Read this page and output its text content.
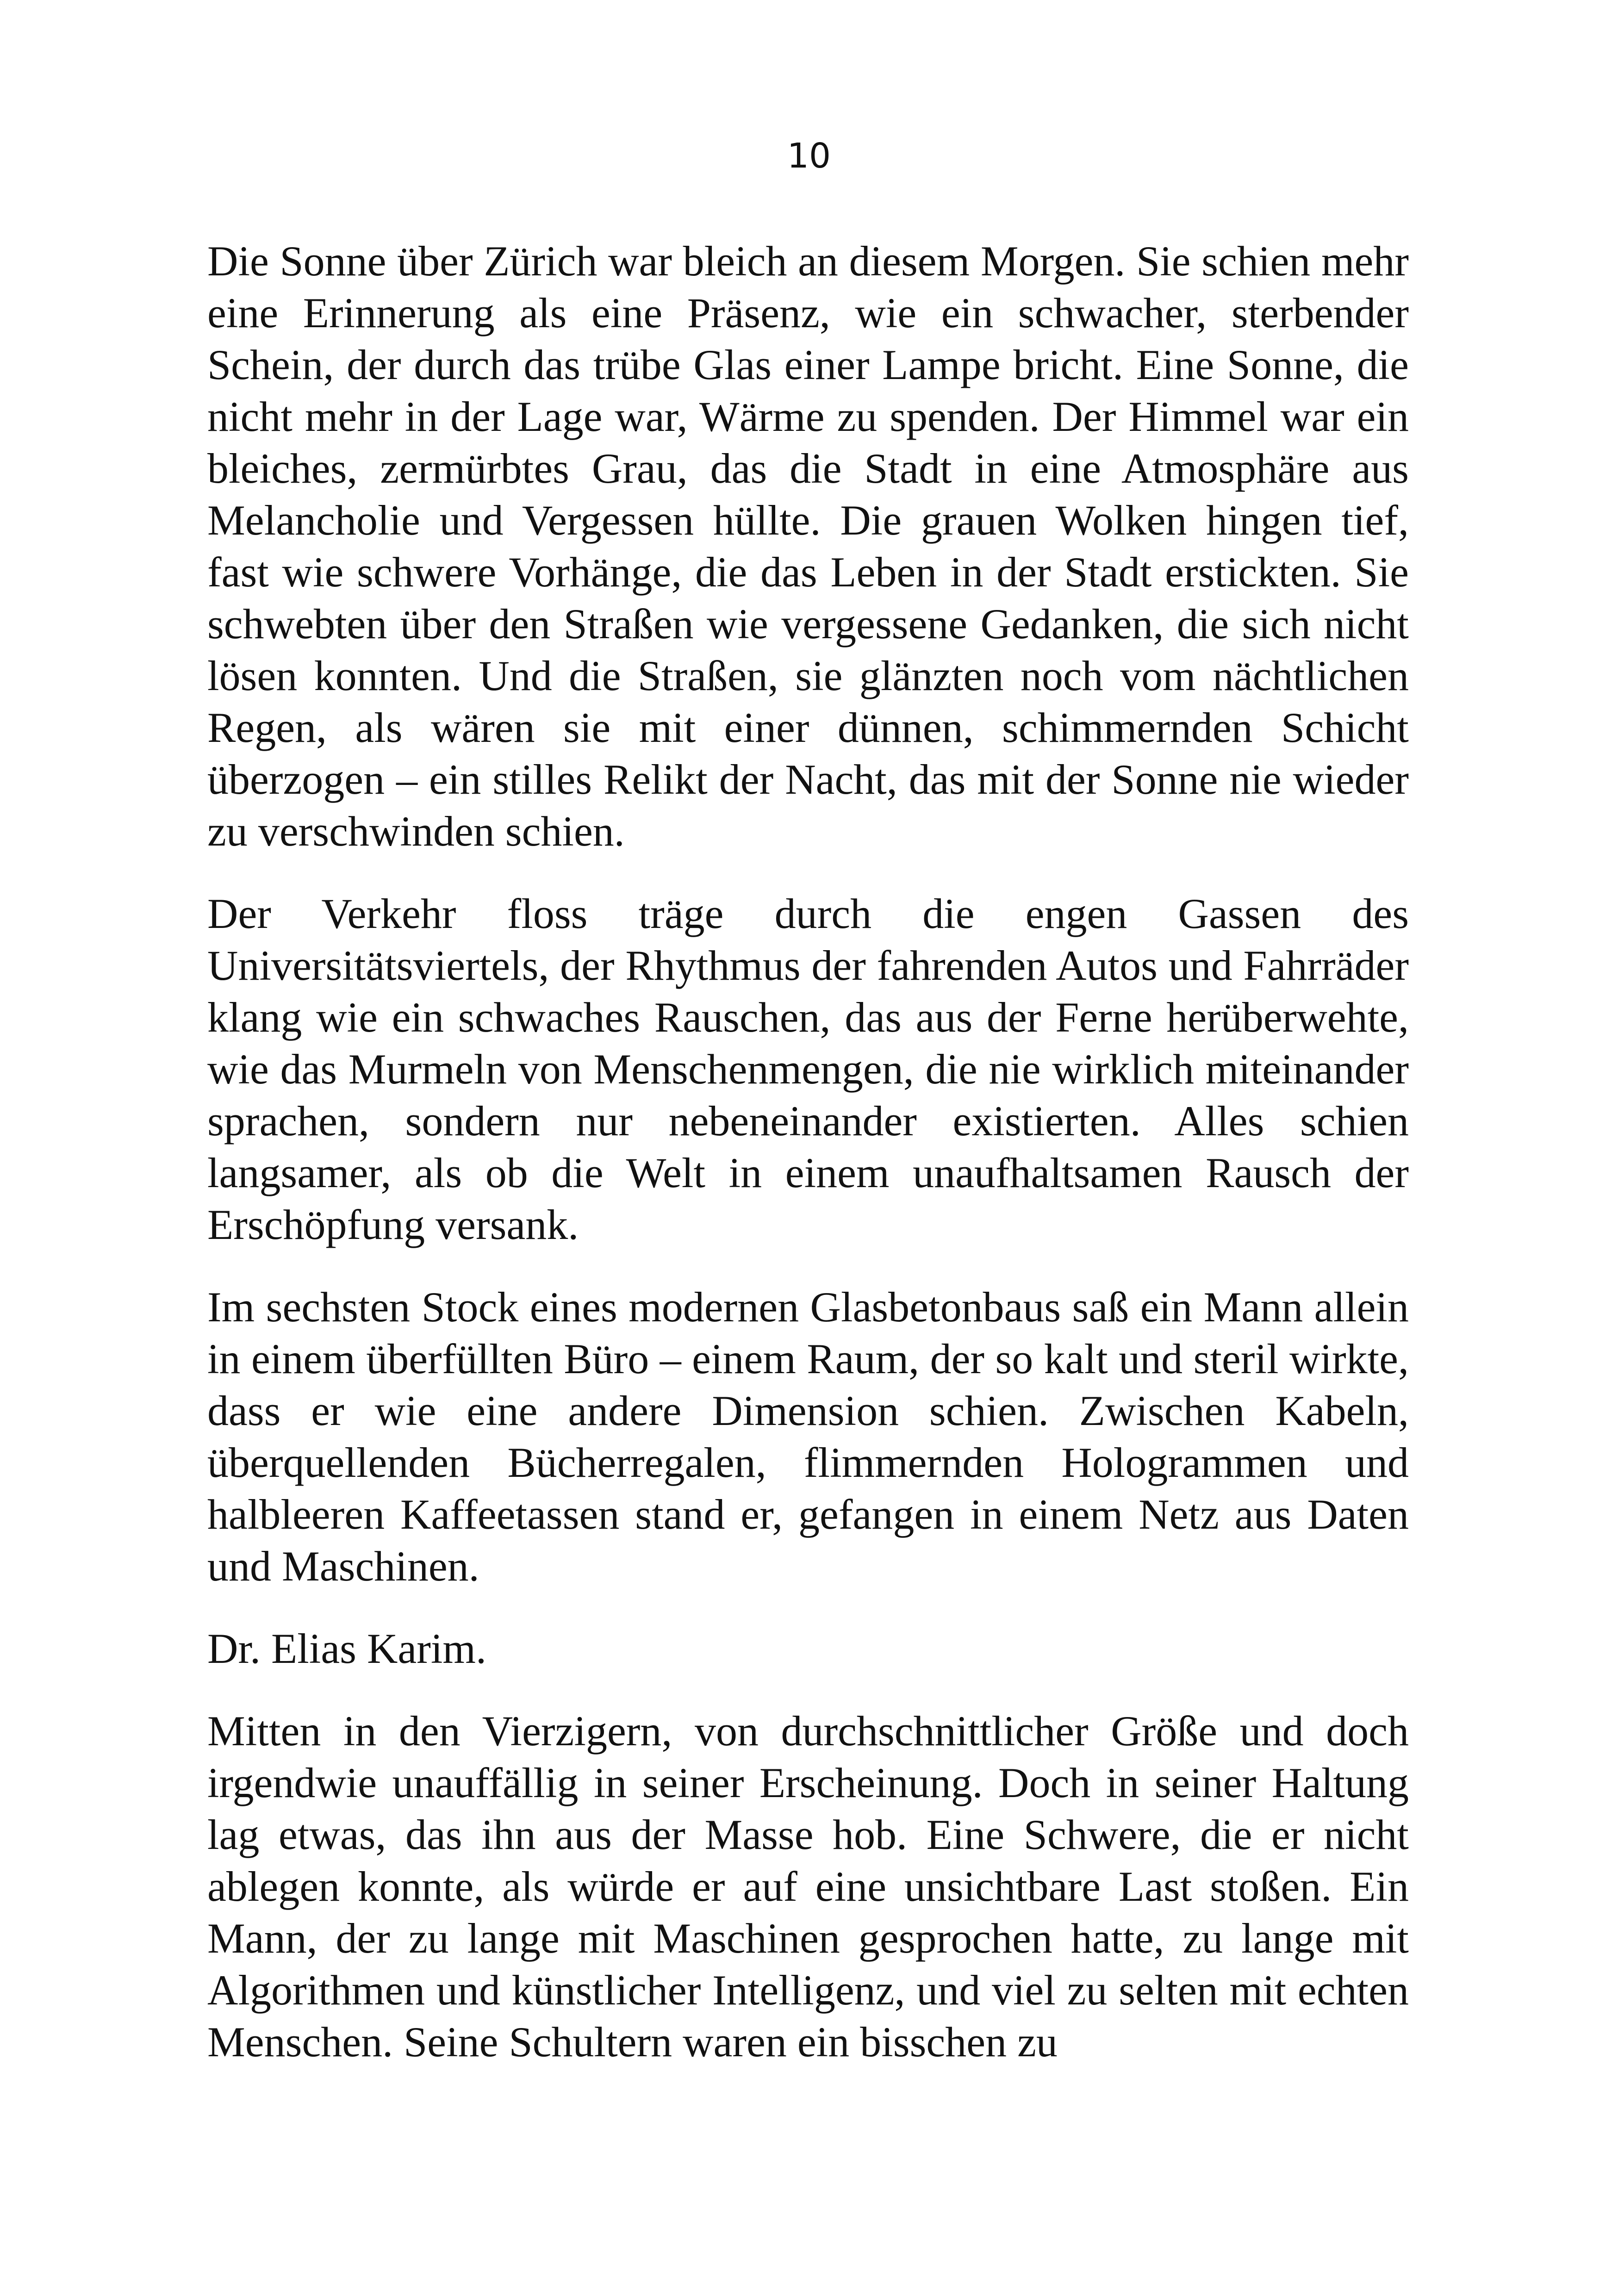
10

Die Sonne über Zürich war bleich an diesem Morgen. Sie schien mehr eine Erinnerung als eine Präsenz, wie ein schwacher, sterbender Schein, der durch das trübe Glas einer Lampe bricht. Eine Sonne, die nicht mehr in der Lage war, Wärme zu spenden. Der Himmel war ein bleiches, zermürbtes Grau, das die Stadt in eine Atmosphäre aus Melancholie und Vergessen hüllte. Die grauen Wolken hingen tief, fast wie schwere Vorhänge, die das Leben in der Stadt erstickten. Sie schwebten über den Straßen wie vergessene Gedanken, die sich nicht lösen konnten. Und die Straßen, sie glänzten noch vom nächtlichen Regen, als wären sie mit einer dünnen, schimmernden Schicht überzogen – ein stilles Relikt der Nacht, das mit der Sonne nie wieder zu verschwinden schien.

Der Verkehr floss träge durch die engen Gassen des Universitätsviertels, der Rhythmus der fahrenden Autos und Fahrräder klang wie ein schwaches Rauschen, das aus der Ferne herüberwehte, wie das Murmeln von Menschenmengen, die nie wirklich miteinander sprachen, sondern nur nebeneinander existierten. Alles schien langsamer, als ob die Welt in einem unaufhaltsamen Rausch der Erschöpfung versank.

Im sechsten Stock eines modernen Glasbetonbaus saß ein Mann allein in einem überfüllten Büro – einem Raum, der so kalt und steril wirkte, dass er wie eine andere Dimension schien. Zwischen Kabeln, überquellenden Bücherregalen, flimmernden Hologrammen und halbleeren Kaffeetassen stand er, gefangen in einem Netz aus Daten und Maschinen.

Dr. Elias Karim.

Mitten in den Vierzigern, von durchschnittlicher Größe und doch irgendwie unauffällig in seiner Erscheinung. Doch in seiner Haltung lag etwas, das ihn aus der Masse hob. Eine Schwere, die er nicht ablegen konnte, als würde er auf eine unsichtbare Last stoßen. Ein Mann, der zu lange mit Maschinen gesprochen hatte, zu lange mit Algorithmen und künstlicher Intelligenz, und viel zu selten mit echten Menschen. Seine Schultern waren ein bisschen zu
